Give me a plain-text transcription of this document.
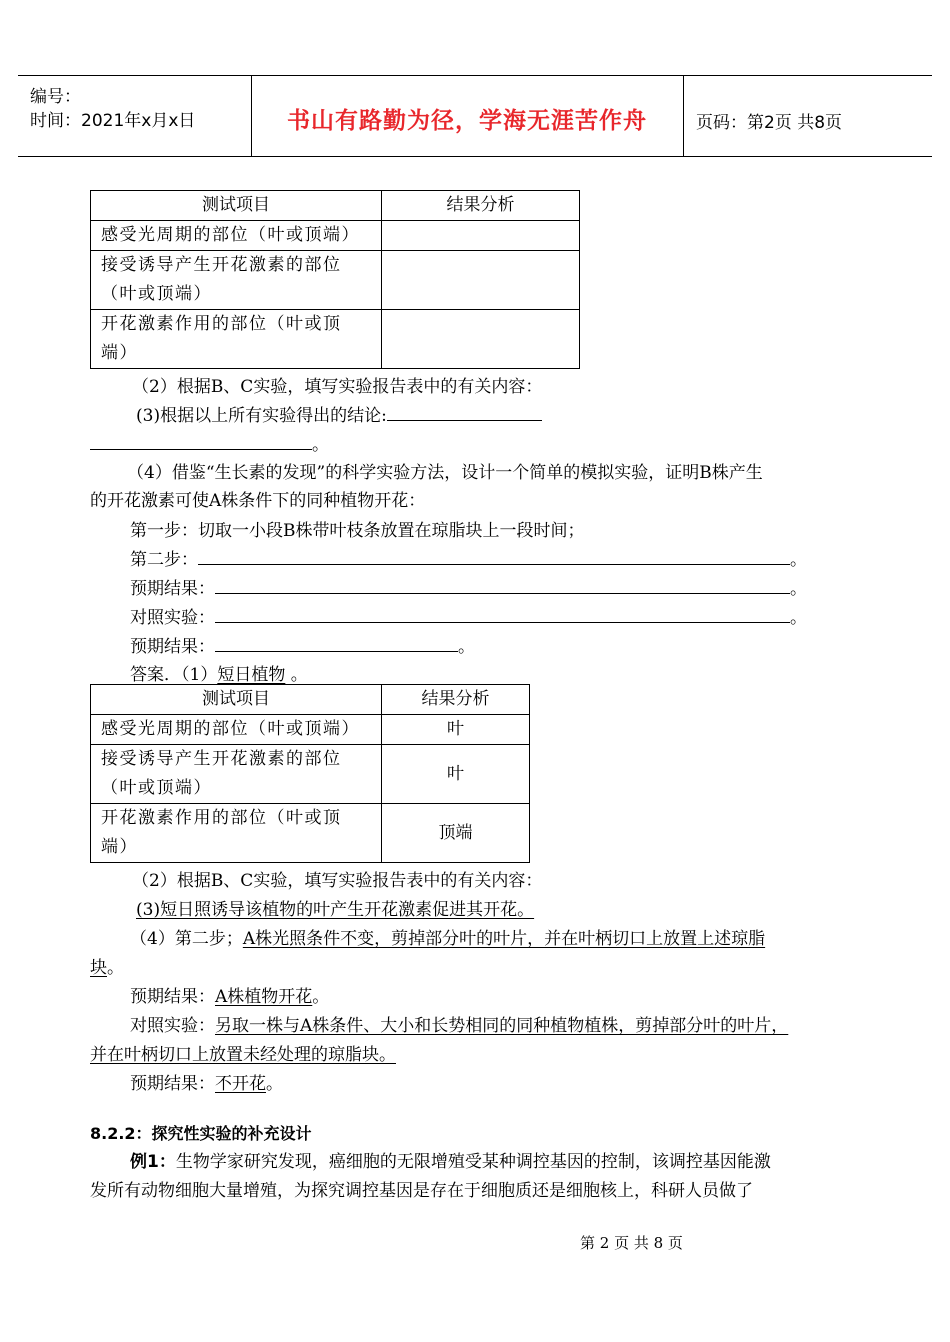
编号：
时间：2021年x月x日	书山有路勤为径，学海无涯苦作舟	页码：第2页 共8页
测试项目	结果分析
感受光周期的部位（叶或顶端）	
接受诱导产生开花激素的部位
（叶或顶端）	
开花激素作用的部位（叶或顶
端）	
（2）根据B、C实验，填写实验报告表中的有关内容：
(3)根据以上所有实验得出的结论:
。
（4）借鉴“生长素的发现”的科学实验方法，设计一个简单的模拟实验，证明B株产生
的开花激素可使A株条件下的同种植物开花：
第一步：切取一小段B株带叶枝条放置在琼脂块上一段时间；
第二步：	。
预期结果：	。
对照实验：	。
预期结果：	。
答案．（1）短日植物 。
测试项目	结果分析
感受光周期的部位（叶或顶端）	叶
接受诱导产生开花激素的部位
（叶或顶端）	叶
开花激素作用的部位（叶或顶
端）	顶端
（2）根据B、C实验，填写实验报告表中的有关内容：
(3)短日照诱导该植物的叶产生开花激素促进其开花。
（4）第二步；A株光照条件不变，剪掉部分叶的叶片，并在叶柄切口上放置上述琼脂
块。
预期结果：A株植物开花。
对照实验：另取一株与A株条件、大小和长势相同的同种植物植株，剪掉部分叶的叶片，
并在叶柄切口上放置未经处理的琼脂块。
预期结果：不开花。
8.2.2：探究性实验的补充设计
例1：生物学家研究发现，癌细胞的无限增殖受某种调控基因的控制，该调控基因能激
发所有动物细胞大量增殖，为探究调控基因是存在于细胞质还是细胞核上，科研人员做了
第 2 页 共 8 页
